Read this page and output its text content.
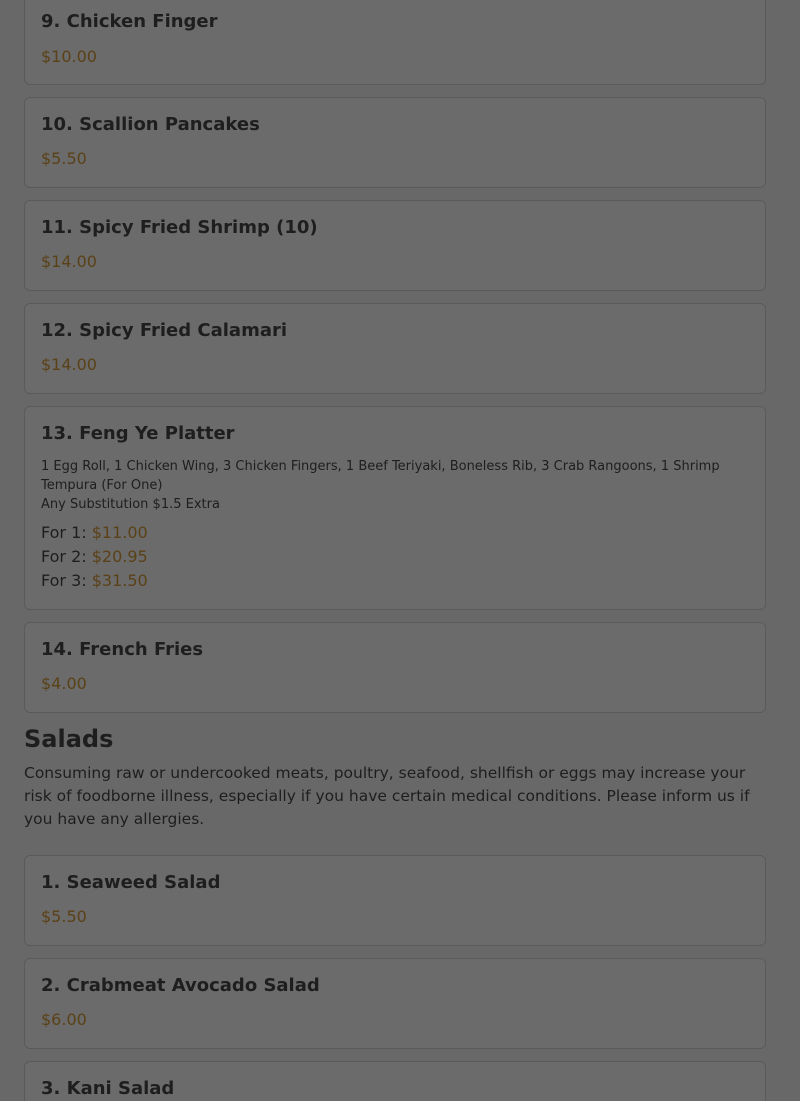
9. Chicken Finger

$10.00

10. Scallion Pancakes

$5.50

11. Spicy Fried Shrimp (10)

$14.00

12. Spicy Fried Calamari

$14.00

13. Feng Ye Platter

1 Egg Roll, 1 Chicken Wing, 3 Chicken Fingers, 1 Beef Teriyaki, Boneless Rib, 3 Crab Rangoons, 1 Shrimp Tempura (For One)

Any Substitution $1.5 Extra

For 1: $11.00
For 2: $20.95
For 3: $31.50
14. French Fries

$4.00

Salads

Consuming raw or undercooked meats, poultry, seafood, shellfish or eggs may increase your risk of foodborne illness, especially if you have certain medical conditions. Please inform us if you have any allergies.

1. Seaweed Salad

$5.50

2. Crabmeat Avocado Salad

$6.00

3. Kani Salad
